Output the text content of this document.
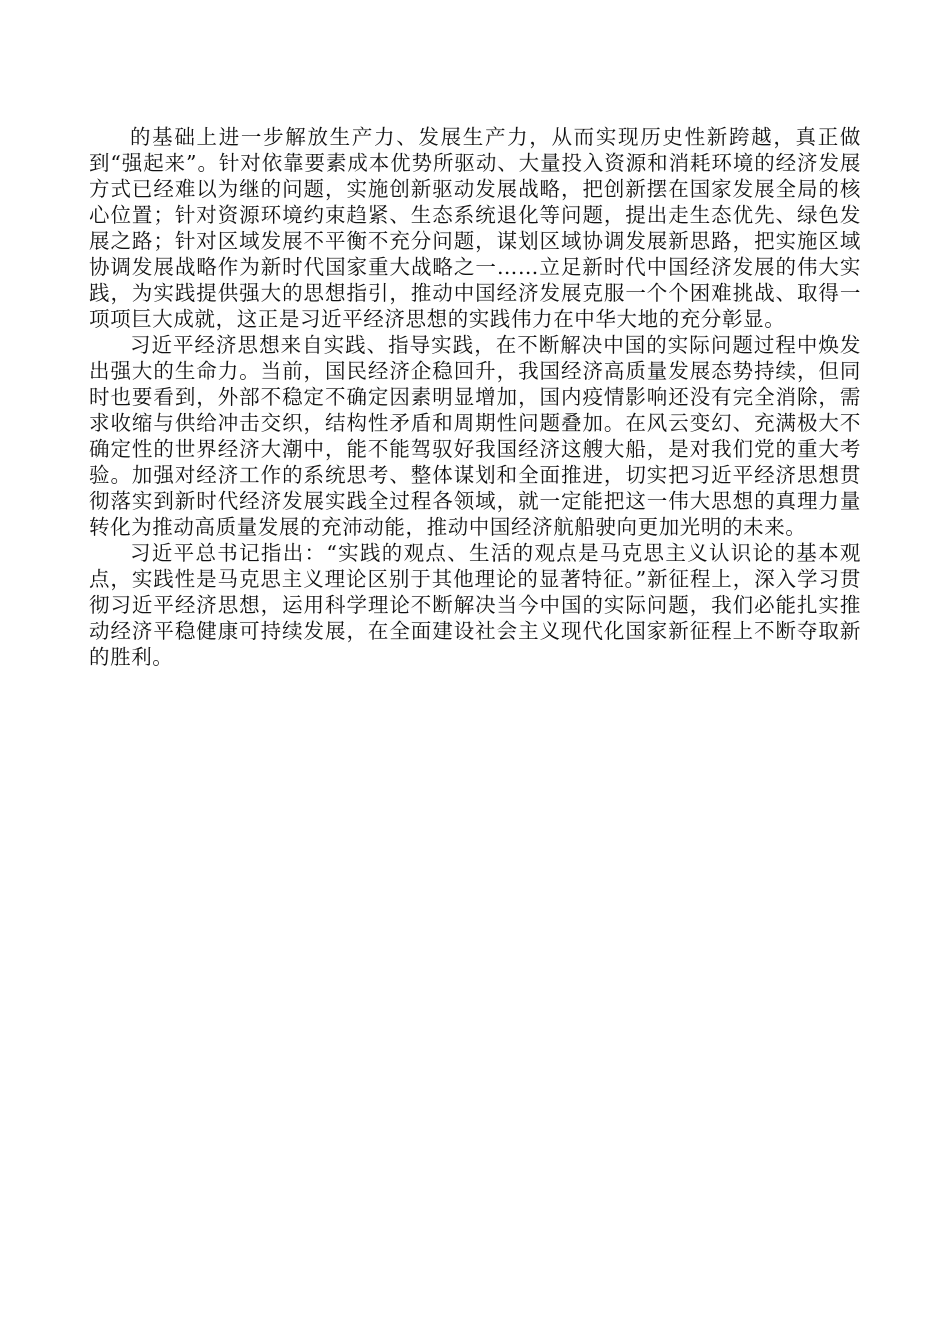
的基础上进一步解放生产力、发展生产力，从而实现历史性新跨越，真正做到“强起来”。针对依靠要素成本优势所驱动、大量投入资源和消耗环境的经济发展方式已经难以为继的问题，实施创新驱动发展战略，把创新摆在国家发展全局的核心位置；针对资源环境约束趋紧、生态系统退化等问题，提出走生态优先、绿色发展之路；针对区域发展不平衡不充分问题，谋划区域协调发展新思路，把实施区域协调发展战略作为新时代国家重大战略之一……立足新时代中国经济发展的伟大实践，为实践提供强大的思想指引，推动中国经济发展克服一个个困难挑战、取得一项项巨大成就，这正是习近平经济思想的实践伟力在中华大地的充分彰显。

习近平经济思想来自实践、指导实践，在不断解决中国的实际问题过程中焕发出强大的生命力。当前，国民经济企稳回升，我国经济高质量发展态势持续，但同时也要看到，外部不稳定不确定因素明显增加，国内疫情影响还没有完全消除，需求收缩与供给冲击交织，结构性矛盾和周期性问题叠加。在风云变幻、充满极大不确定性的世界经济大潮中，能不能驾驭好我国经济这艘大船，是对我们党的重大考验。加强对经济工作的系统思考、整体谋划和全面推进，切实把习近平经济思想贯彻落实到新时代经济发展实践全过程各领域，就一定能把这一伟大思想的真理力量转化为推动高质量发展的充沛动能，推动中国经济航船驶向更加光明的未来。

习近平总书记指出：“实践的观点、生活的观点是马克思主义认识论的基本观点，实践性是马克思主义理论区别于其他理论的显著特征。”新征程上，深入学习贯彻习近平经济思想，运用科学理论不断解决当今中国的实际问题，我们必能扎实推动经济平稳健康可持续发展，在全面建设社会主义现代化国家新征程上不断夺取新的胜利。
